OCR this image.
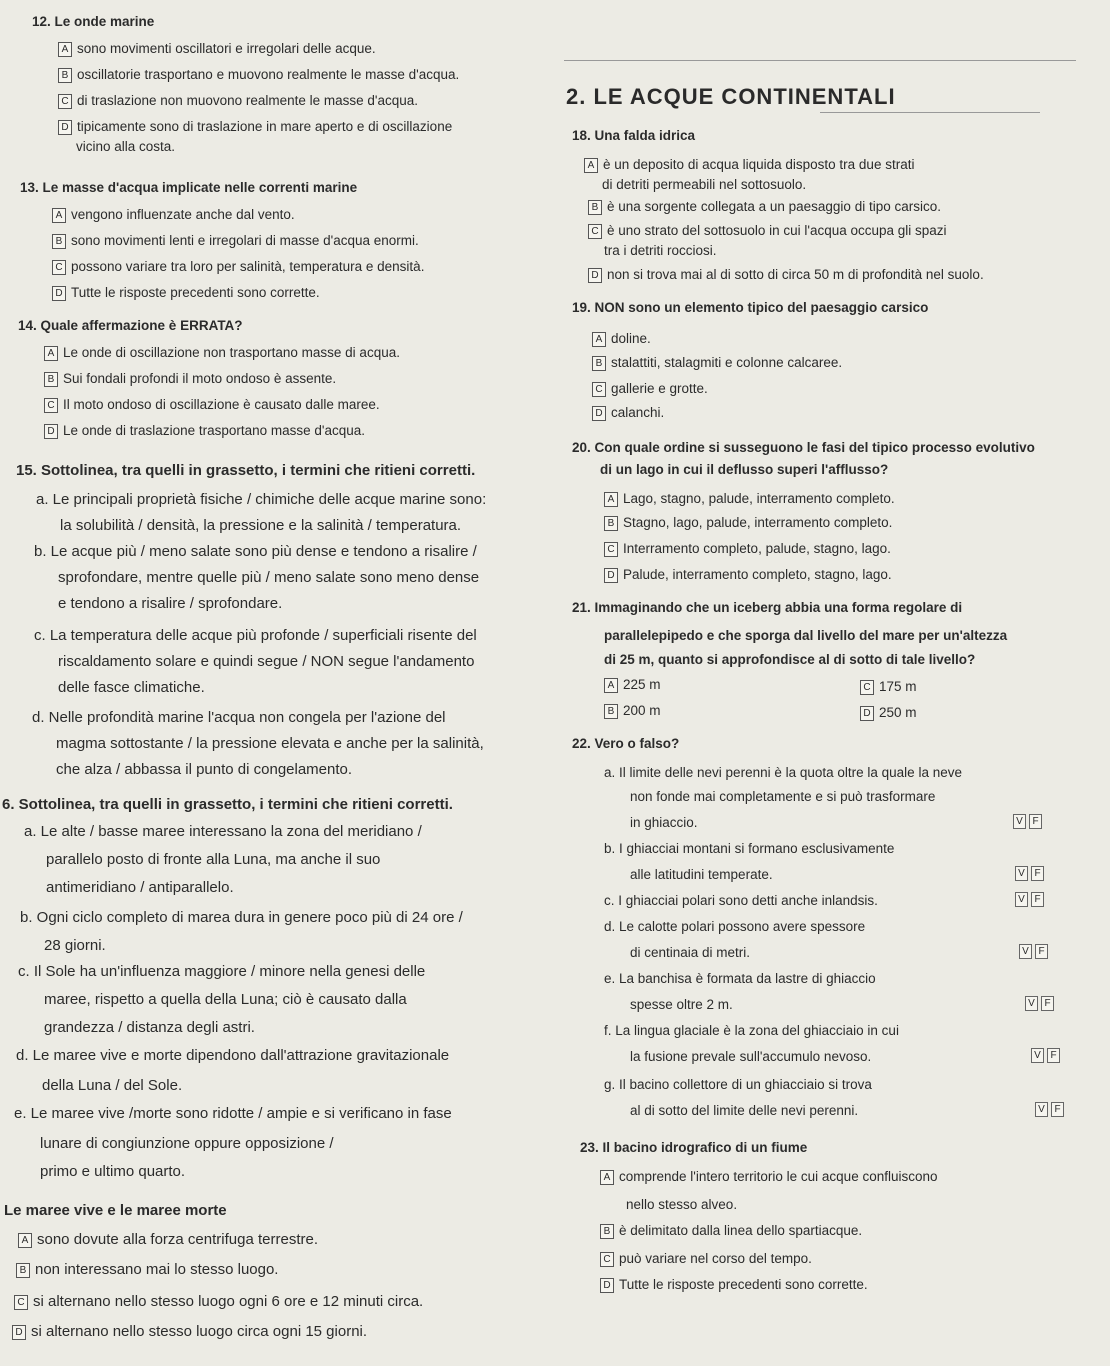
12. Le onde marine
A sono movimenti oscillatori e irregolari delle acque.
B oscillatorie trasportano e muovono realmente le masse d'acqua.
C di traslazione non muovono realmente le masse d'acqua.
D tipicamente sono di traslazione in mare aperto e di oscillazione
vicino alla costa.
13. Le masse d'acqua implicate nelle correnti marine
A vengono influenzate anche dal vento.
B sono movimenti lenti e irregolari di masse d'acqua enormi.
C possono variare tra loro per salinità, temperatura e densità.
D Tutte le risposte precedenti sono corrette.
14. Quale affermazione è ERRATA?
A Le onde di oscillazione non trasportano masse di acqua.
B Sui fondali profondi il moto ondoso è assente.
C Il moto ondoso di oscillazione è causato dalle maree.
D Le onde di traslazione trasportano masse d'acqua.
15. Sottolinea, tra quelli in grassetto, i termini che ritieni corretti.
a. Le principali proprietà fisiche / chimiche delle acque marine sono:
la solubilità / densità, la pressione e la salinità / temperatura.
b. Le acque più / meno salate sono più dense e tendono a risalire /
sprofondare, mentre quelle più / meno salate sono meno dense
e tendono a risalire / sprofondare.
c. La temperatura delle acque più profonde / superficiali risente del
riscaldamento solare e quindi segue / NON segue l'andamento
delle fasce climatiche.
d. Nelle profondità marine l'acqua non congela per l'azione del
magma sottostante / la pressione elevata e anche per la salinità,
che alza / abbassa il punto di congelamento.
6. Sottolinea, tra quelli in grassetto, i termini che ritieni corretti.
a. Le alte / basse maree interessano la zona del meridiano /
parallelo posto di fronte alla Luna, ma anche il suo
antimeridiano / antiparallelo.
b. Ogni ciclo completo di marea dura in genere poco più di 24 ore /
28 giorni.
c. Il Sole ha un'influenza maggiore / minore nella genesi delle
maree, rispetto a quella della Luna; ciò è causato dalla
grandezza / distanza degli astri.
d. Le maree vive e morte dipendono dall'attrazione gravitazionale
della Luna / del Sole.
e. Le maree vive /morte sono ridotte / ampie e si verificano in fase
lunare di congiunzione oppure opposizione /
primo e ultimo quarto.
Le maree vive e le maree morte
A sono dovute alla forza centrifuga terrestre.
B non interessano mai lo stesso luogo.
C si alternano nello stesso luogo ogni 6 ore e 12 minuti circa.
D si alternano nello stesso luogo circa ogni 15 giorni.
2. LE ACQUE CONTINENTALI
18. Una falda idrica
A è un deposito di acqua liquida disposto tra due strati
di detriti permeabili nel sottosuolo.
B è una sorgente collegata a un paesaggio di tipo carsico.
C è uno strato del sottosuolo in cui l'acqua occupa gli spazi
tra i detriti rocciosi.
D non si trova mai al di sotto di circa 50 m di profondità nel suolo.
19. NON sono un elemento tipico del paesaggio carsico
A doline.
B stalattiti, stalagmiti e colonne calcaree.
C gallerie e grotte.
D calanchi.
20. Con quale ordine si susseguono le fasi del tipico processo evolutivo
di un lago in cui il deflusso superi l'afflusso?
A Lago, stagno, palude, interramento completo.
B Stagno, lago, palude, interramento completo.
C Interramento completo, palude, stagno, lago.
D Palude, interramento completo, stagno, lago.
21. Immaginando che un iceberg abbia una forma regolare di
parallelepipedo e che sporga dal livello del mare per un'altezza
di 25 m, quanto si approfondisce al di sotto di tale livello?
A 225 m	C 175 m
B 200 m	D 250 m
22. Vero o falso?
a. Il limite delle nevi perenni è la quota oltre la quale la neve
non fonde mai completamente e si può trasformare
in ghiaccio.	V F
b. I ghiacciai montani si formano esclusivamente
alle latitudini temperate.	V F
c. I ghiacciai polari sono detti anche inlandsis.	V F
d. Le calotte polari possono avere spessore
di centinaia di metri.	V F
e. La banchisa è formata da lastre di ghiaccio
spesse oltre 2 m.	V F
f. La lingua glaciale è la zona del ghiacciaio in cui
la fusione prevale sull'accumulo nevoso.	V F
g. Il bacino collettore di un ghiacciaio si trova
al di sotto del limite delle nevi perenni.	V F
23. Il bacino idrografico di un fiume
A comprende l'intero territorio le cui acque confluiscono
nello stesso alveo.
B è delimitato dalla linea dello spartiacque.
C può variare nel corso del tempo.
D Tutte le risposte precedenti sono corrette.
